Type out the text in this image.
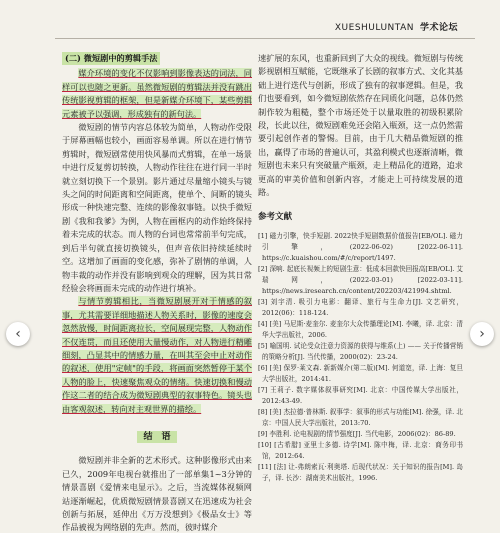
XUESHULUNTAN 学术论坛
(二) 微短剧中的剪辑手法

媒介环境的变化不仅影响到影像表达的词法，同样可以也随之更新。虽然微短剧的剪辑法并没有跳出传统影视剪辑的框架，但是新媒介环境下，某些剪辑元素被予以强调，形成独有的新句法。

微短剧的情节内容总体较为简单，人物动作受限于屏幕画幅也较小，画面容易单调。所以在进行情节剪辑时，微短剧常使用快风暴而式剪辑，在单一场景中进行反复剪切转换，人物动作往往在进行同一半时就立刻切换下一个景别。影片通过尽量缩小镜头与镜头之间的时间距离和空间距离，使单个、间断的镜头形成一种快速完整、连续的影像叙事链。以快手微短剧《我和我爹》为例，人物在画框内的动作始终保持着未完成的状态。而人物的台词也常常前半句完成，到后半句就直接切换镜头，但声音依旧持续延续时空。这增加了画面的变化感，弥补了剧情的单调，人物丰裁的动作并没有影响到观众的理解，因为其日常经验会将画面未完成的动作进行填补。

与情节剪辑相比，当微短剧展开对于情感的叙事，尤其需要详细地描述人物关系时，影像的速度会忽然放慢，时间距离拉长，空间展现完整，人物动作不仅连贯，而且还使用大量慢动作，对人物进行精雕细刻，凸显其中的情感力量，在叫其至会中止对动作的叙述，使用"定帧"的手段，将画面突然暂停于某个人物的脸上，快速聚焦观众的情绪。快速切换和慢动作这二者的结合成为微短剧典型的叙事特色。镜头也由客观叙述，转向对主观世界的描绘。

结　语

微短剧并非全新的艺术形式。这种影像形式由来已久，2009年电视台就推出了一部单集1~3分钟的情景喜剧《爱情来电显示》。之后，当流媒体视频网站逐渐崛起，优质微短剧情景喜剧又在迅速成为社会创新与拓展，延伸出《万万没想到》《极品女士》等作品被视为网络剧的先声。然而，彼时媒介

速扩展的东风，也重新回到了大众的视线。微短剧与传统影视剧相互赋能，它既继承了长剧的叙事方式、文化其基础上进行迭代与创新，形成了独有的叙事逻辑。但是，我们也要看到，如今微短剧依然存在同质化问题，总体仍然制作较为粗糙，整个市场还处于以量取胜的初级积累阶段，长此以往，微短剧难免还会陷入瓶颈，这一点仍然需要引起创作者的警惕。目前，由于几大精品微短剧的推出，赢得了市场的普遍认可，其盈利模式也逐渐清晰，微短剧也未来只有突破量产瓶颈，走上精品化的道路，追求更高的审美价值和创新内容，才能走上可持续发展的道路。

参考文献
[1] 磁力引擎，快手短剧. 2022快手短剧数据价值报告[EB/OL]. 磁力引擎，(2022-06-02) [2022-06-11]. https://c.kuaishou.com/#/c/report/1497.
[2] 深响. 起底长视频上的短剧生意：低成本回款快回报高[EB/OL]. 艾瑞网，(2022-03-01) [2022-03-11]. https://news.iresearch.cn/content/202203/421994.shtml.
[3] 刘宇清. 吸引力电影：翻译、旅行与生命力[J]. 文艺研究，2012(06)：118-124.
[4] [美] 马尼斯·麦奎尔. 麦奎尔大众传播理论[M]. 李曦，译. 北京：清华大学出版社，2006.
[5] 喻国明. 试论受众注意力资源的获得与维系(上) —— 关于传播营销的策略分析[J]. 当代传播，2000(02)：23-24.
[6] [美] 保罗·莱文森. 新新媒介(第二版)[M]. 何道宽，译. 上海：复旦大学出版社，2014:41.
[7] 王莉子. 数字媒体叙事研究[M]. 北京：中国传媒大学出版社，2012:43-49.
[8] [美] 杰拉德·普林斯. 叙事学：叙事的形式与功能[M]. 徐强，译. 北京：中国人民大学出版社，2013:70.
[9] 李胜利. 论电视剧的情节强度[J]. 当代电影，2006(02)：86-89.
[10] [古希腊] 亚里士多德. 诗学[M]. 陈中梅，译. 北京：商务印书馆，2012:64.
[11] [法] 让-弗朗索瓦·利奥塔. 后现代状况：关于知识的报告[M]. 岛子，译. 长沙：湖南美术出版社，1996.
‹	›
